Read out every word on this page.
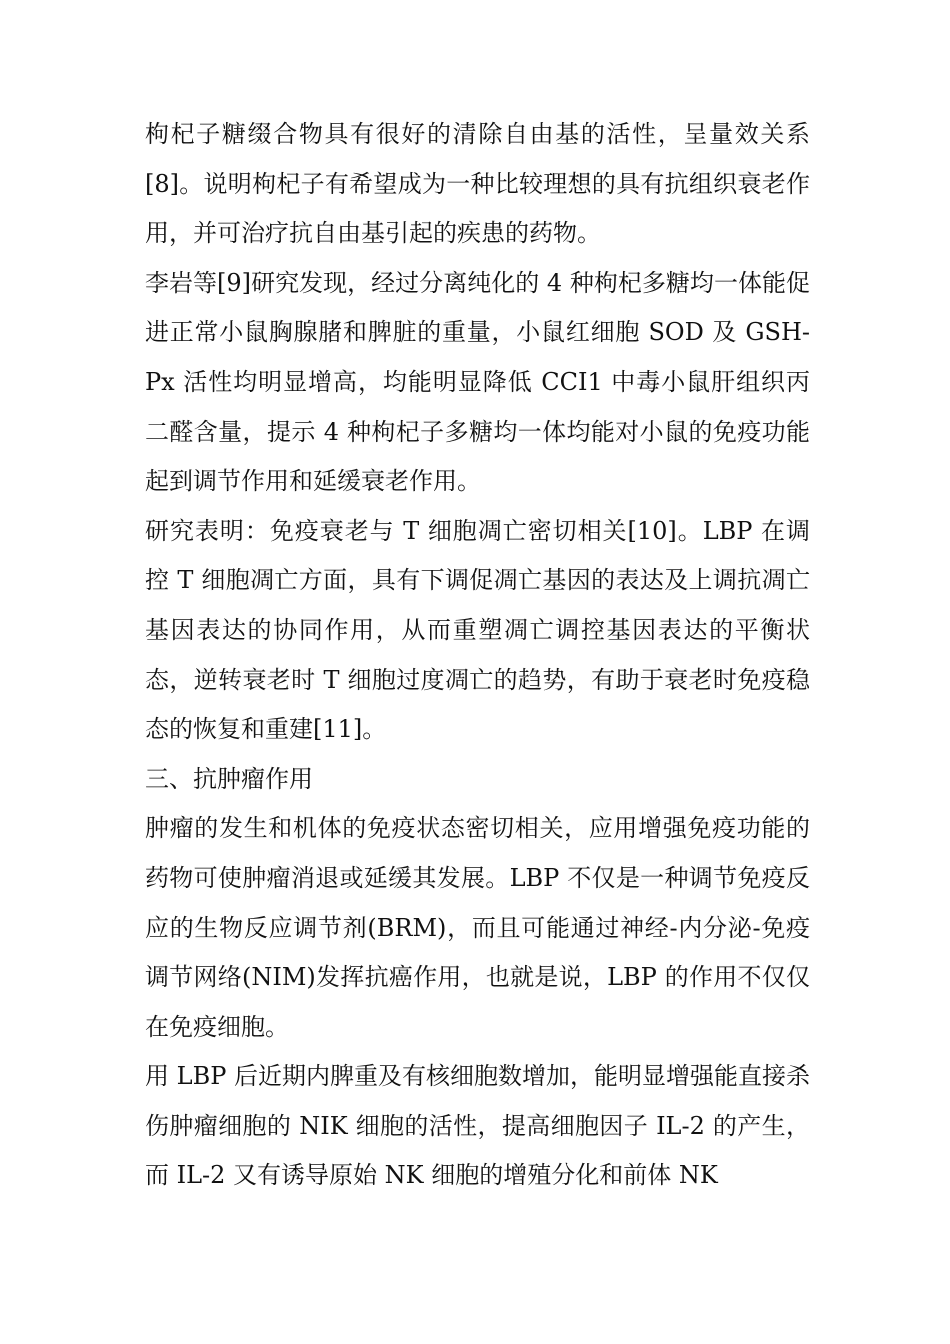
枸杞子糖缀合物具有很好的清除自由基的活性，呈量效关系[8]。说明枸杞子有希望成为一种比较理想的具有抗组织衰老作用，并可治疗抗自由基引起的疾患的药物。

李岩等[9]研究发现，经过分离纯化的 4 种枸杞多糖均一体能促进正常小鼠胸腺䐗和脾脏的重量，小鼠红细胞 SOD 及 GSH-Px 活性均明显增高，均能明显降低 CCI1 中毒小鼠肝组织丙二醛含量，提示 4 种枸杞子多糖均一体均能对小鼠的免疫功能起到调节作用和延缓衰老作用。

研究表明：免疫衰老与 T 细胞凋亡密切相关[10]。LBP 在调控 T 细胞凋亡方面，具有下调促凋亡基因的表达及上调抗凋亡基因表达的协同作用，从而重塑凋亡调控基因表达的平衡状态，逆转衰老时 T 细胞过度凋亡的趋势，有助于衰老时免疫稳态的恢复和重建[11]。

三、抗肿瘤作用

肿瘤的发生和机体的免疫状态密切相关，应用增强免疫功能的药物可使肿瘤消退或延缓其发展。LBP 不仅是一种调节免疫反应的生物反应调节剂(BRM)，而且可能通过神经-内分泌-免疫调节网络(NIM)发挥抗癌作用，也就是说，LBP 的作用不仅仅在免疫细胞。

用 LBP 后近期内脾重及有核细胞数增加，能明显增强能直接杀伤肿瘤细胞的 NIK 细胞的活性，提高细胞因子 IL-2 的产生，而 IL-2 又有诱导原始 NK 细胞的增殖分化和前体 NK
